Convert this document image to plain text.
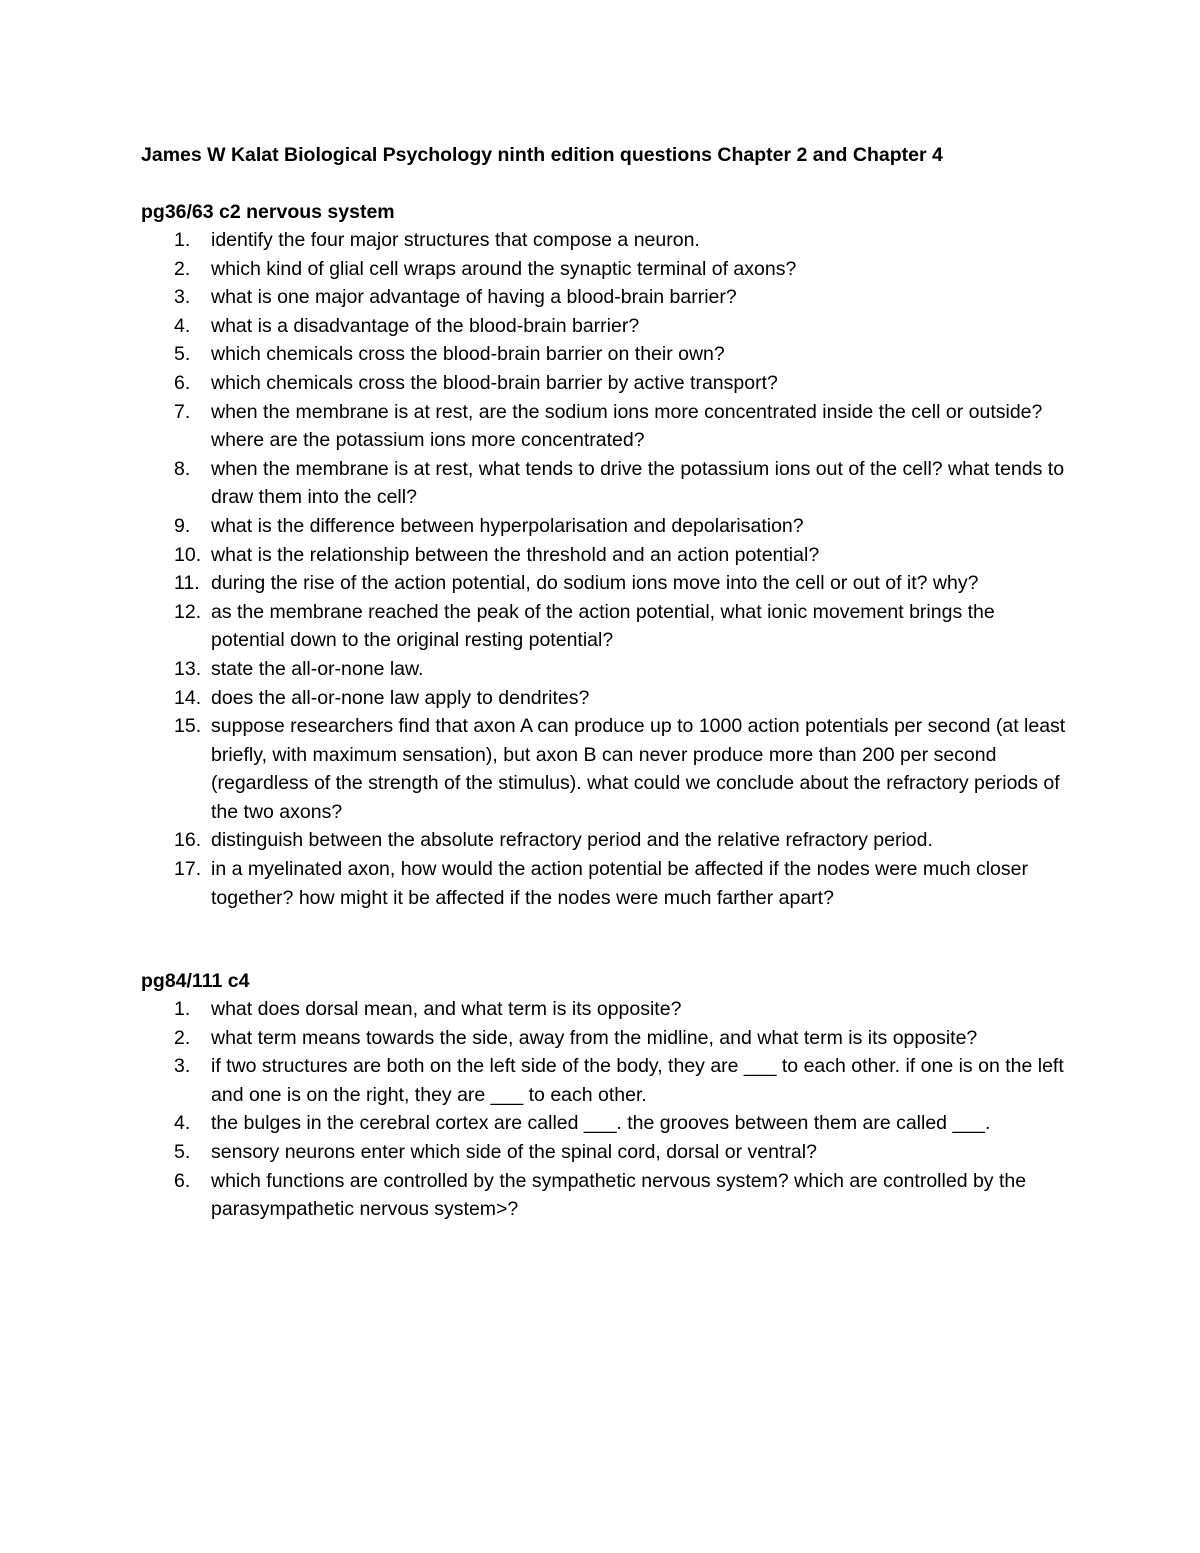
James W Kalat Biological Psychology ninth edition questions Chapter 2 and Chapter 4
pg36/63 c2 nervous system
1. identify the four major structures that compose a neuron.
2. which kind of glial cell wraps around the synaptic terminal of axons?
3. what is one major advantage of having a blood-brain barrier?
4. what is a disadvantage of the blood-brain barrier?
5. which chemicals cross the blood-brain barrier on their own?
6. which chemicals cross the blood-brain barrier by active transport?
7. when the membrane is at rest, are the sodium ions more concentrated inside the cell or outside? where are the potassium ions more concentrated?
8. when the membrane is at rest, what tends to drive the potassium ions out of the cell? what tends to draw them into the cell?
9. what is the difference between hyperpolarisation and depolarisation?
10. what is the relationship between the threshold and an action potential?
11. during the rise of the action potential, do sodium ions move into the cell or out of it? why?
12. as the membrane reached the peak of the action potential, what ionic movement brings the potential down to the original resting potential?
13. state the all-or-none law.
14. does the all-or-none law apply to dendrites?
15. suppose researchers find that axon A can produce up to 1000 action potentials per second (at least briefly, with maximum sensation), but axon B can never produce more than 200 per second (regardless of the strength of the stimulus). what could we conclude about the refractory periods of the two axons?
16. distinguish between the absolute refractory period and the relative refractory period.
17. in a myelinated axon, how would the action potential be affected if the nodes were much closer together? how might it be affected if the nodes were much farther apart?
pg84/111 c4
1. what does dorsal mean, and what term is its opposite?
2. what term means towards the side, away from the midline, and what term is its opposite?
3. if two structures are both on the left side of the body, they are ___ to each other. if one is on the left and one is on the right, they are ___ to each other.
4. the bulges in the cerebral cortex are called ___. the grooves between them are called ___.
5. sensory neurons enter which side of the spinal cord, dorsal or ventral?
6. which functions are controlled by the sympathetic nervous system? which are controlled by the parasympathetic nervous system>?
